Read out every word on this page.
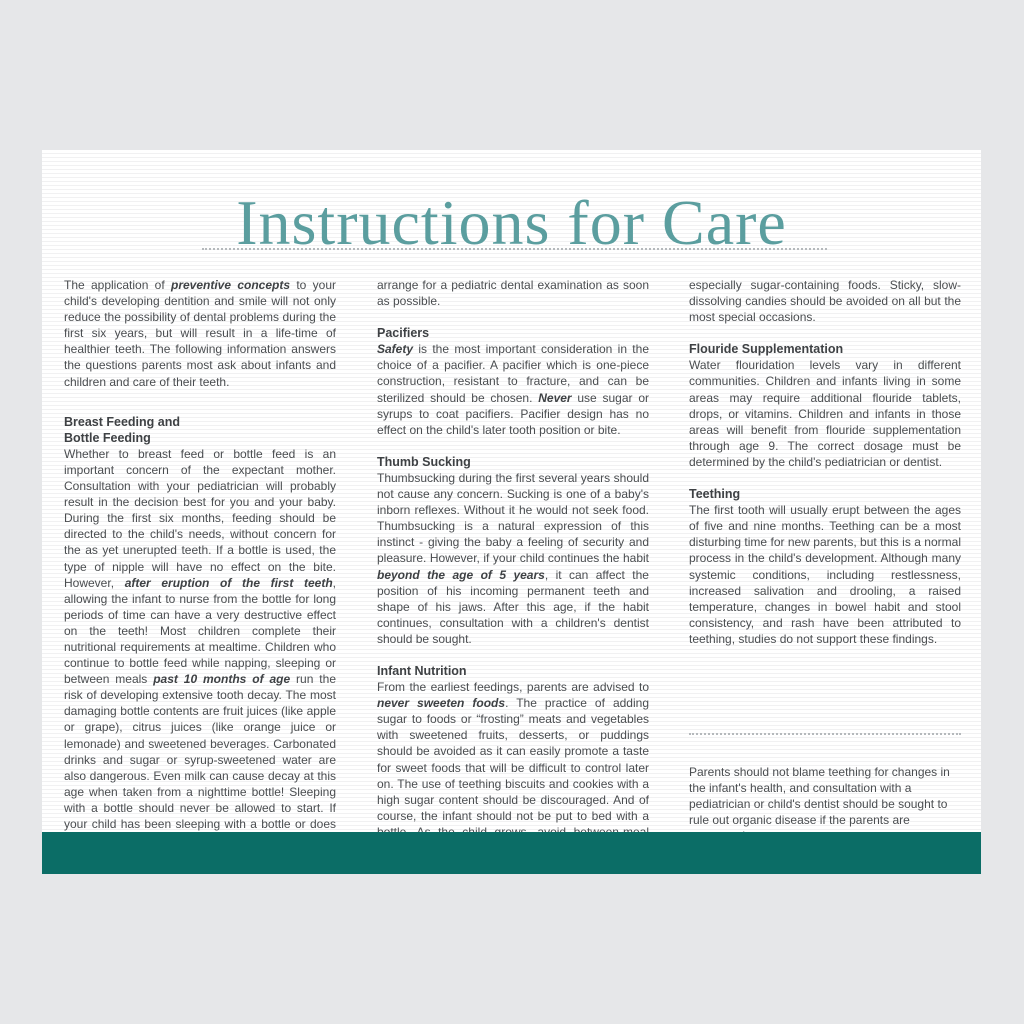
Instructions for Care

The application of preventive concepts to your child's developing dentition and smile will not only reduce the possibility of dental problems during the first six years, but will result in a life-time of healthier teeth. The following information answers the questions parents most ask about infants and children and care of their teeth.

Breast Feeding and
Bottle Feeding

Whether to breast feed or bottle feed is an important concern of the expectant mother. Consultation with your pediatrician will probably result in the decision best for you and your baby. During the first six months, feeding should be directed to the child's needs, without concern for the as yet unerupted teeth. If a bottle is used, the type of nipple will have no effect on the bite. However, after eruption of the first teeth, allowing the infant to nurse from the bottle for long periods of time can have a very destructive effect on the teeth! Most children complete their nutritional requirements at mealtime. Children who continue to bottle feed while napping, sleeping or between meals past 10 months of age run the risk of developing extensive tooth decay. The most damaging bottle contents are fruit juices (like apple or grape), citrus juices (like orange juice or lemonade) and sweetened beverages. Carbonated drinks and sugar or syrup-sweetened water are also dangerous. Even milk can cause decay at this age when taken from a nighttime bottle! Sleeping with a bottle should never be allowed to start. If your child has been sleeping with a bottle or does

arrange for a pediatric dental examination as soon as possible.

Pacifiers

Safety is the most important consideration in the choice of a pacifier. A pacifier which is one-piece construction, resistant to fracture, and can be sterilized should be chosen. Never use sugar or syrups to coat pacifiers. Pacifier design has no effect on the child's later tooth position or bite.

Thumb Sucking

Thumbsucking during the first several years should not cause any concern. Sucking is one of a baby's inborn reflexes. Without it he would not seek food. Thumbsucking is a natural expression of this instinct - giving the baby a feeling of security and pleasure. However, if your child continues the habit beyond the age of 5 years, it can affect the position of his incoming permanent teeth and shape of his jaws. After this age, if the habit continues, consultation with a children's dentist should be sought.

Infant Nutrition

From the earliest feedings, parents are advised to never sweeten foods. The practice of adding sugar to foods or “frosting” meats and vegetables with sweetened fruits, desserts, or puddings should be avoided as it can easily promote a taste for sweet foods that will be difficult to control later on. The use of teething biscuits and cookies with a high sugar content should be discouraged. And of course, the infant should not be put to bed with a

especially sugar-containing foods. Sticky, slow-dissolving candies should be avoided on all but the most special occasions.

Flouride Supplementation

Water flouridation levels vary in different communities. Children and infants living in some areas may require additional flouride tablets, drops, or vitamins. Children and infants in those areas will benefit from flouride supplementation through age 9. The correct dosage must be determined by the child's pediatrician or dentist.

Teething

The first tooth will usually erupt between the ages of five and nine months. Teething can be a most disturbing time for new parents, but this is a normal process in the child's development. Although many systemic conditions, including restlessness, increased salivation and drooling, a raised temperature, changes in bowel habit and stool consistency, and rash have been attributed to teething, studies do not support these findings.

Parents should not blame teething for changes in the infant's health, and consultation with a pediatrician or child's dentist should be sought to rule out organic disease if the parents are
